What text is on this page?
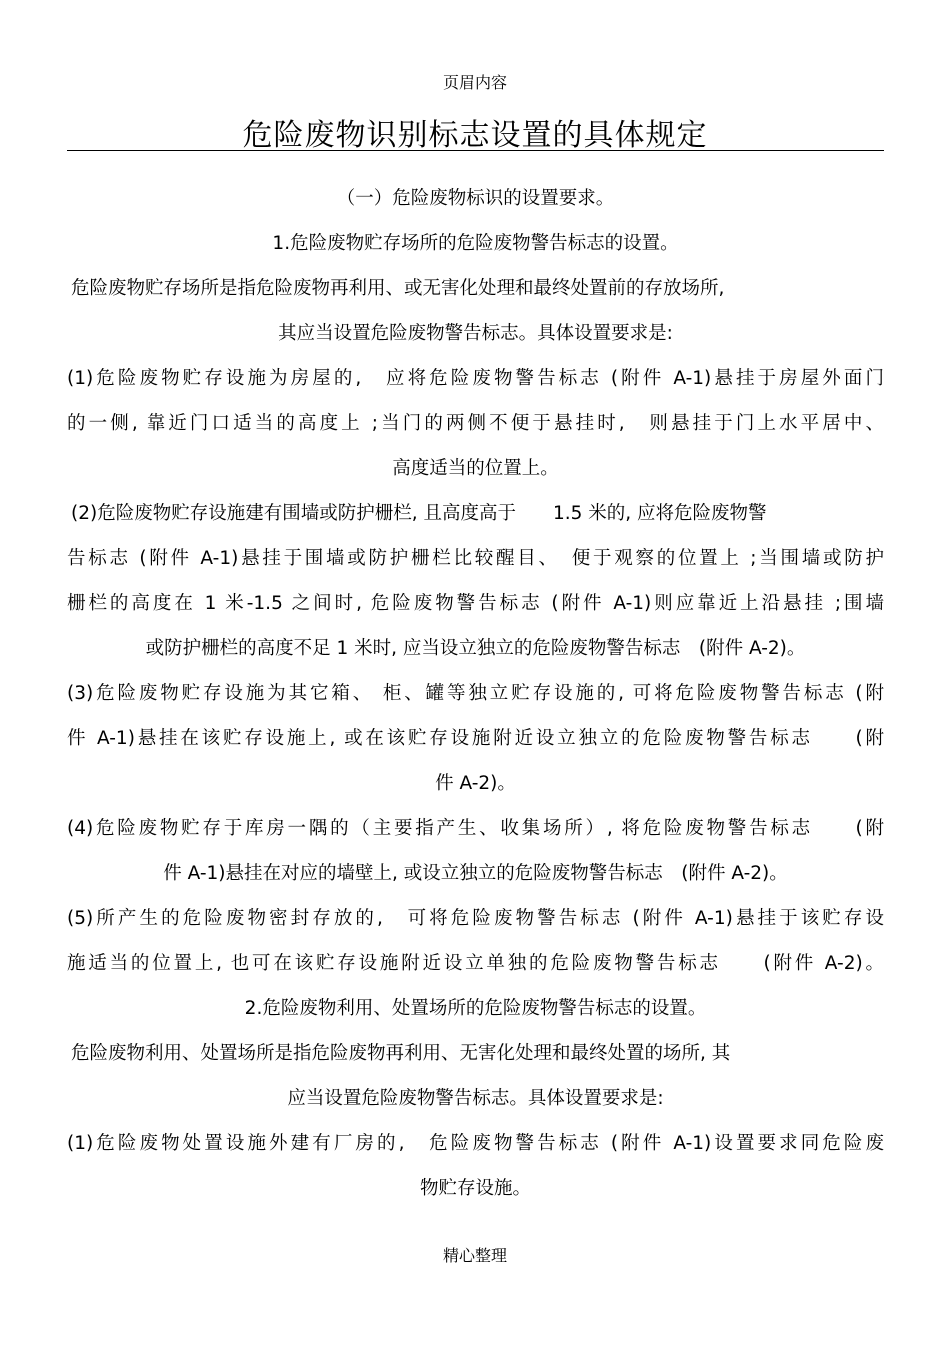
页眉内容
危险废物识别标志设置的具体规定
（一）危险废物标识的设置要求。
1.危险废物贮存场所的危险废物警告标志的设置。
危险废物贮存场所是指危险废物再利用、或无害化处理和最终处置前的存放场所,
其应当设置危险废物警告标志。具体设置要求是:
(1)危险废物贮存设施为房屋的,　应将危险废物警告标志 (附件 A-1)悬挂于房屋外面门
的一侧, 靠近门口适当的高度上 ;当门的两侧不便于悬挂时,　则悬挂于门上水平居中、
高度适当的位置上。
(2)危险废物贮存设施建有围墙或防护栅栏, 且高度高于　　1.5 米的, 应将危险废物警
告标志 (附件 A-1)悬挂于围墙或防护栅栏比较醒目、　便于观察的位置上 ;当围墙或防护
栅栏的高度在 1 米-1.5 之间时, 危险废物警告标志 (附件 A-1)则应靠近上沿悬挂 ;围墙
或防护栅栏的高度不足 1 米时, 应当设立独立的危险废物警告标志　(附件 A-2)。
(3)危险废物贮存设施为其它箱、 柜、罐等独立贮存设施的, 可将危险废物警告标志 (附
件 A-1)悬挂在该贮存设施上, 或在该贮存设施附近设立独立的危险废物警告标志　　(附
件 A-2)。
(4)危险废物贮存于库房一隅的（主要指产生、收集场所）, 将危险废物警告标志　　(附
件 A-1)悬挂在对应的墙壁上, 或设立独立的危险废物警告标志　(附件 A-2)。
(5)所产生的危险废物密封存放的,　可将危险废物警告标志 (附件 A-1)悬挂于该贮存设
施适当的位置上, 也可在该贮存设施附近设立单独的危险废物警告标志　　(附件 A-2)。
2.危险废物利用、处置场所的危险废物警告标志的设置。
危险废物利用、处置场所是指危险废物再利用、无害化处理和最终处置的场所, 其
应当设置危险废物警告标志。具体设置要求是:
(1)危险废物处置设施外建有厂房的,　危险废物警告标志 (附件 A-1)设置要求同危险废
物贮存设施。
精心整理
